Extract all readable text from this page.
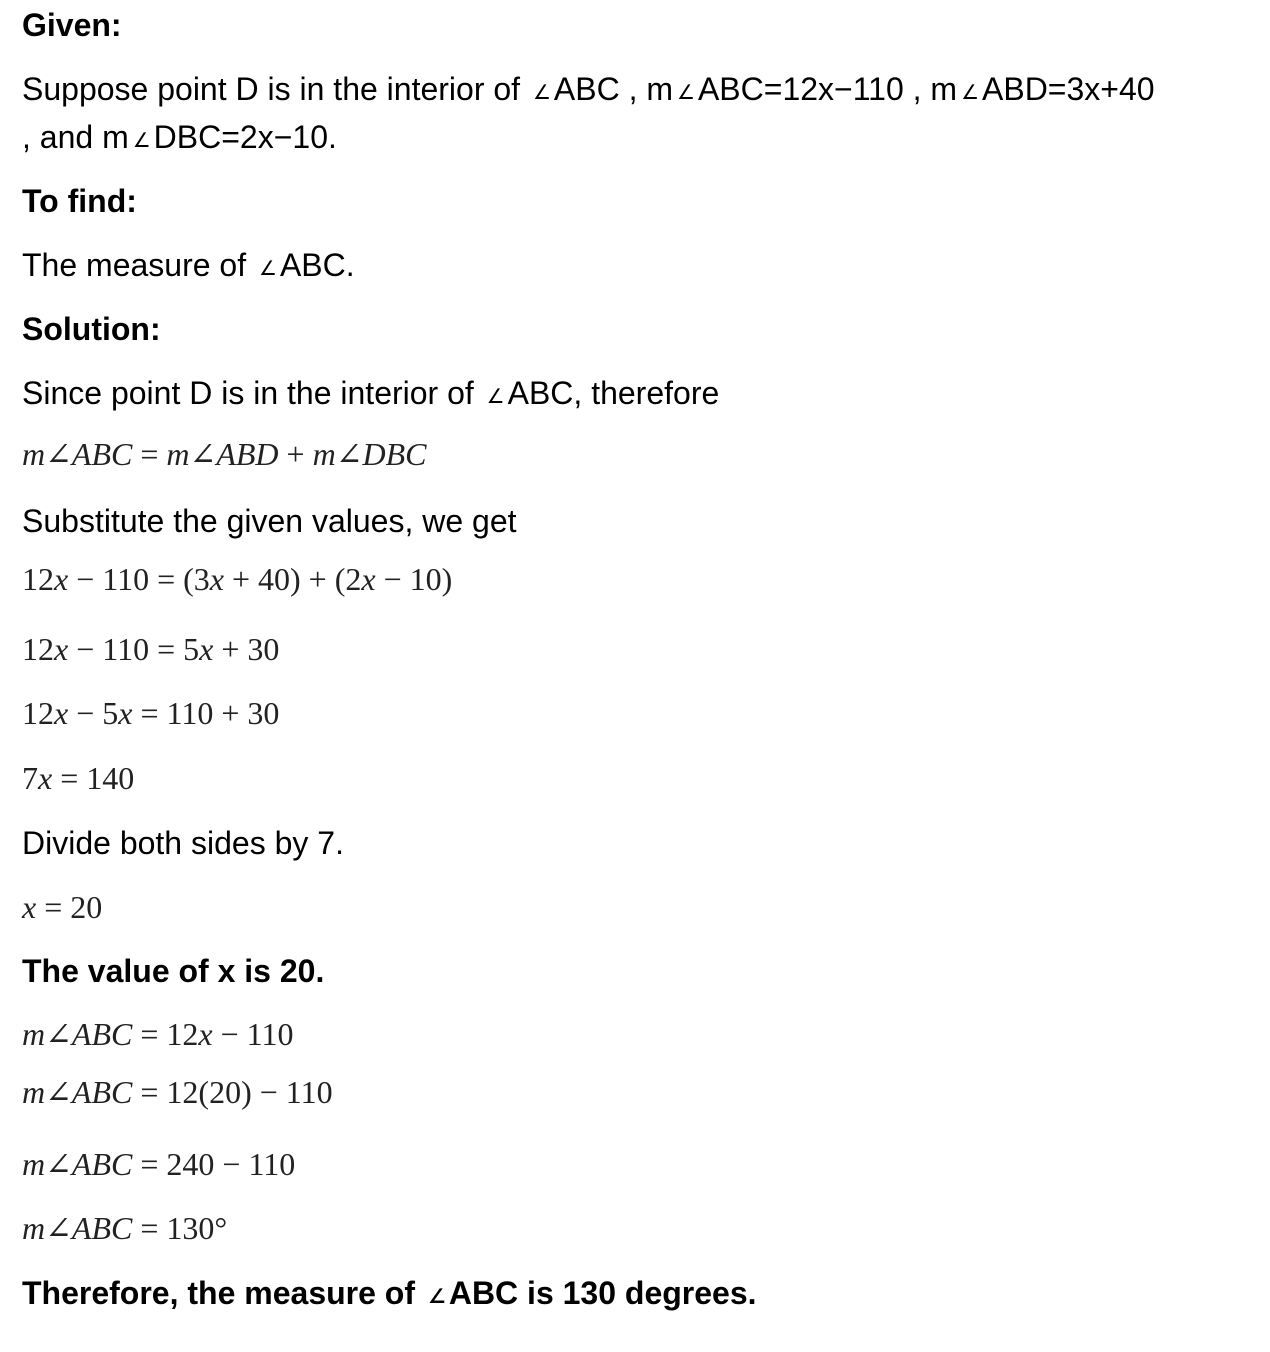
Given:
Suppose point D is in the interior of ∠ABC , m ∠ABC=12x−110 , m ∠ABD=3x+40
, and m ∠DBC=2x−10.
To find:
The measure of ∠ABC.
Solution:
Since point D is in the interior of ∠ABC, therefore
m∠ABC = m∠ABD + m∠DBC
Substitute the given values, we get
12x − 110 = (3x + 40) + (2x − 10)
12x − 110 = 5x + 30
12x − 5x = 110 + 30
7x = 140
Divide both sides by 7.
x = 20
The value of x is 20.
m∠ABC = 12x − 110
m∠ABC = 12(20) − 110
m∠ABC = 240 − 110
m∠ABC = 130°
Therefore, the measure of ∠ABC is 130 degrees.
